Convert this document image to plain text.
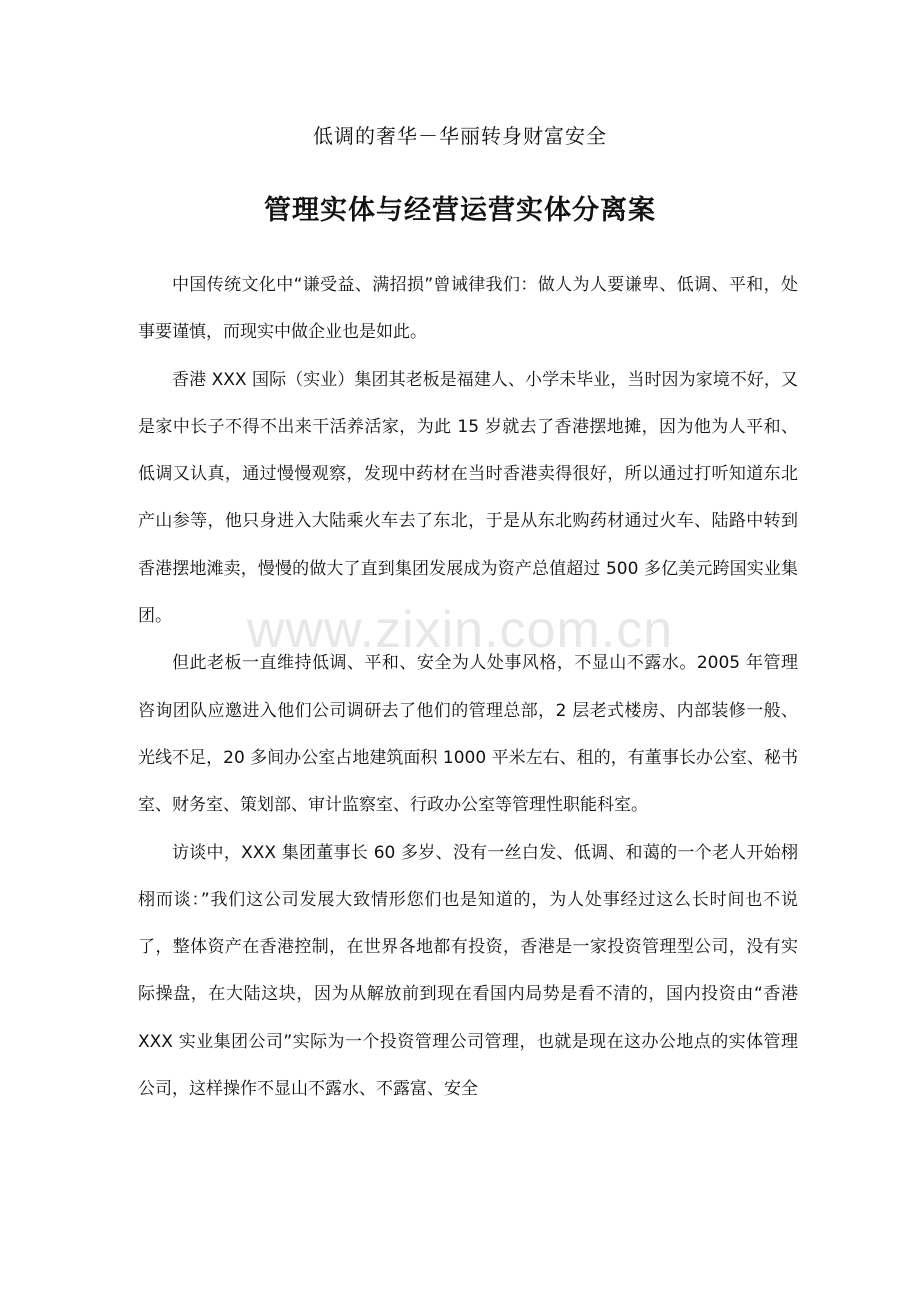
低调的奢华－华丽转身财富安全
管理实体与经营运营实体分离案

中国传统文化中“谦受益、满招损”曾诫律我们：做人为人要谦卑、低调、平和，处事要谨慎，而现实中做企业也是如此。

香港 XXX 国际（实业）集团其老板是福建人、小学未毕业，当时因为家境不好，又是家中长子不得不出来干活养活家，为此 15 岁就去了香港摆地摊，因为他为人平和、低调又认真，通过慢慢观察，发现中药材在当时香港卖得很好，所以通过打听知道东北产山参等，他只身进入大陆乘火车去了东北，于是从东北购药材通过火车、陆路中转到香港摆地滩卖，慢慢的做大了直到集团发展成为资产总值超过 500 多亿美元跨国实业集团。

但此老板一直维持低调、平和、安全为人处事风格，不显山不露水。2005 年管理咨询团队应邀进入他们公司调研去了他们的管理总部，2 层老式楼房、内部装修一般、光线不足，20 多间办公室占地建筑面积 1000 平米左右、租的，有董事长办公室、秘书室、财务室、策划部、审计监察室、行政办公室等管理性职能科室。

访谈中，XXX 集团董事长 60 多岁、没有一丝白发、低调、和蔼的一个老人开始栩栩而谈：”我们这公司发展大致情形您们也是知道的，为人处事经过这么长时间也不说了，整体资产在香港控制，在世界各地都有投资，香港是一家投资管理型公司，没有实际操盘，在大陆这块，因为从解放前到现在看国内局势是看不清的，国内投资由“香港 XXX 实业集团公司”实际为一个投资管理公司管理，也就是现在这办公地点的实体管理公司，这样操作不显山不露水、不露富、安全

www.zixin.com.cn
